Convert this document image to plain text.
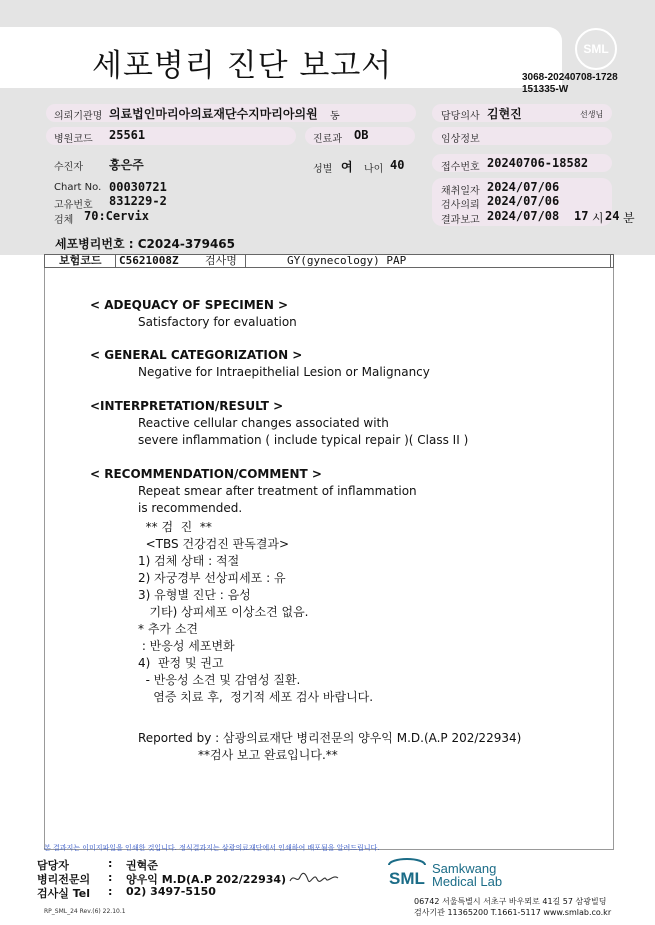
세포병리 진단 보고서	SML
3068-20240708-1728
151335-W
의뢰기관명 의료법인마리아의료재단수지마리아의원 동	담당의사 김현진	선생님
병원코드 25561	진료과 OB	임상정보
수진자 홍은주	성별 여 나이 40	접수번호 20240706-18582
Chart No. 00030721
고유번호 831229-2
검체 70:Cervix
채취일자 2024/07/06
검사의뢰 2024/07/06
결과보고 2024/07/08 17 시 24 분
세포병리번호 : C2024-379465
보험코드 C5621008Z 검사명	GY(gynecology) PAP
< ADEQUACY OF SPECIMEN >
Satisfactory for evaluation
< GENERAL CATEGORIZATION >
Negative for Intraepithelial Lesion or Malignancy
<INTERPRETATION/RESULT >
Reactive cellular changes associated with
severe inflammation ( include typical repair )( Class II )
< RECOMMENDATION/COMMENT >
Repeat smear after treatment of inflammation
is recommended.
** 검  진  **
<TBS 건강검진 판독결과>
1) 검체 상태 : 적절
2) 자궁경부 선상피세포 : 유
3) 유형별 진단 : 음성
기타) 상피세포 이상소견 없음.
* 추가 소견
: 반응성 세포변화
4)  판정 및 권고
- 반응성 소견 및 감염성 질환.
염증 치료 후,  정기적 세포 검사 바랍니다.
Reported by : 삼광의료재단 병리전문의 양우익 M.D.(A.P 202/22934)
**검사 보고 완료입니다.**
본 결과지는 이미지파일을 인쇄한 것입니다. 정식결과지는 삼광의료재단에서 인쇄하여 배포됨을 알려드립니다.
담당자	: 권혁준
병리전문의 : 양우익 M.D(A.P 202/22934)
검사실 Tel : 02) 3497-5150
SML
Samkwang
Medical Lab
06742 서울특별시 서초구 바우뫼로 41길 57 삼광빌딩
검사기관 11365200 T.1661-5117 www.smlab.co.kr
RP_SML_24 Rev.(6) 22.10.1
